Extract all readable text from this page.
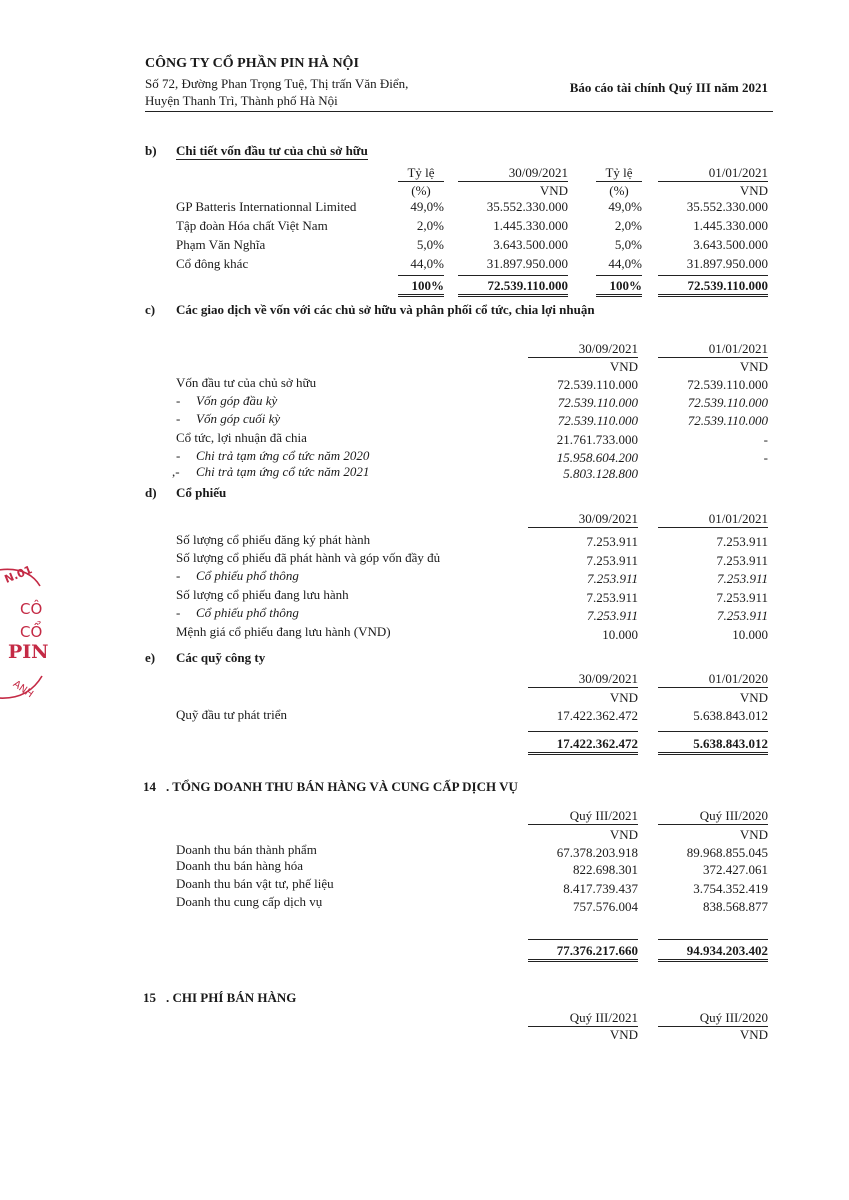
CÔNG TY CỔ PHẦN PIN HÀ NỘI
Số 72, Đường Phan Trọng Tuệ, Thị trấn Văn Điển,
Huyện Thanh Trì, Thành phố Hà Nội
Báo cáo tài chính Quý III năm 2021
b) Chi tiết vốn đầu tư của chủ sở hữu
Tỷ lệ	30/09/2021	Tỷ lệ	01/01/2021
(%)	VND	(%)	VND
GP Batteris Internationnal Limited	49,0%	35.552.330.000	49,0%	35.552.330.000
Tập đoàn Hóa chất Việt Nam	2,0%	1.445.330.000	2,0%	1.445.330.000
Phạm Văn Nghĩa	5,0%	3.643.500.000	5,0%	3.643.500.000
Cổ đông khác	44,0%	31.897.950.000	44,0%	31.897.950.000
100%	72.539.110.000	100%	72.539.110.000
c) Các giao dịch về vốn với các chủ sở hữu và phân phối cổ tức, chia lợi nhuận
30/09/2021	01/01/2021
VND	VND
Vốn đầu tư của chủ sở hữu	72.539.110.000	72.539.110.000
- Vốn góp đầu kỳ	72.539.110.000	72.539.110.000
- Vốn góp cuối kỳ	72.539.110.000	72.539.110.000
Cổ tức, lợi nhuận đã chia	21.761.733.000	-
- Chi trả tạm ứng cổ tức năm 2020	15.958.604.200	-
,- Chi trả tạm ứng cổ tức năm 2021	5.803.128.800
d) Cổ phiếu
30/09/2021	01/01/2021
Số lượng cổ phiếu đăng ký phát hành	7.253.911	7.253.911
Số lượng cổ phiếu đã phát hành và góp vốn đầy đủ	7.253.911	7.253.911
- Cổ phiếu phổ thông	7.253.911	7.253.911
Số lượng cổ phiếu đang lưu hành	7.253.911	7.253.911
- Cổ phiếu phổ thông	7.253.911	7.253.911
Mệnh giá cổ phiếu đang lưu hành (VND)	10.000	10.000
e) Các quỹ công ty
30/09/2021	01/01/2020
VND	VND
Quỹ đầu tư phát triển	17.422.362.472	5.638.843.012
17.422.362.472	5.638.843.012
14 . TỔNG DOANH THU BÁN HÀNG VÀ CUNG CẤP DỊCH VỤ
Quý III/2021	Quý III/2020
VND	VND
Doanh thu bán thành phẩm	67.378.203.918	89.968.855.045
Doanh thu bán hàng hóa	822.698.301	372.427.061
Doanh thu bán vật tư, phế liệu	8.417.739.437	3.754.352.419
Doanh thu cung cấp dịch vụ	757.576.004	838.568.877
77.376.217.660	94.934.203.402
15 . CHI PHÍ BÁN HÀNG
Quý III/2021	Quý III/2020
VND	VND
N.01
CÔ
CỔ
PIN
ANH
